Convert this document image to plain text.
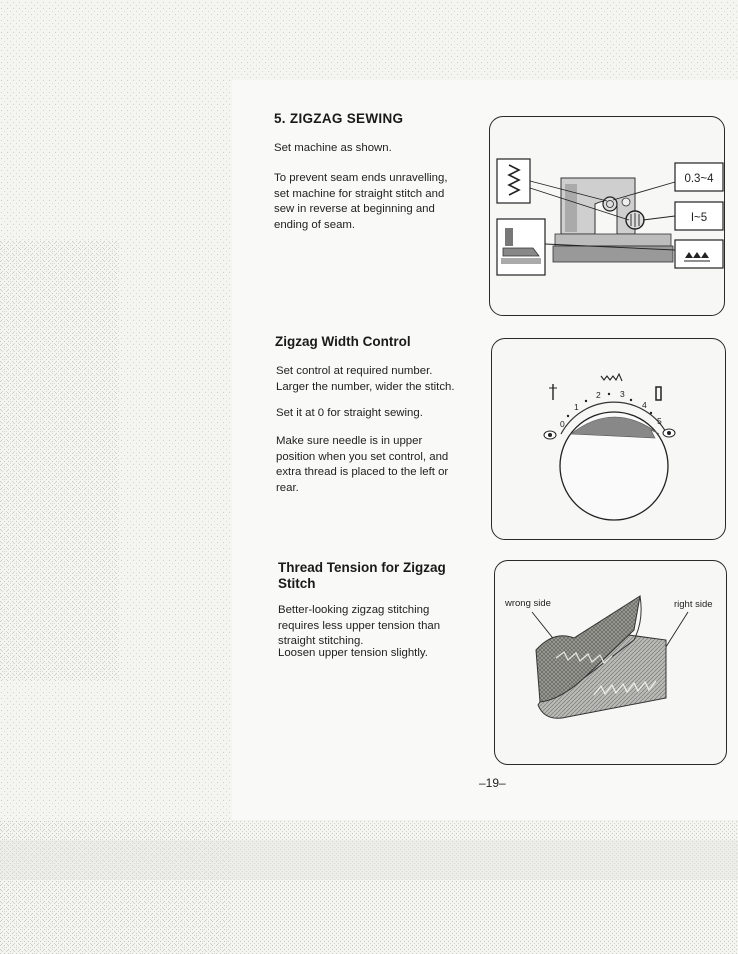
5. ZIGZAG SEWING

Set machine as shown.

To prevent seam ends unravelling, set machine for straight stitch and sew in reverse at beginning and ending of seam.

0.3~4
I~5
Zigzag Width Control

Set control at required number. Larger the number, wider the stitch.

Set it at 0 for straight sewing.

Make sure needle is in upper position when you set control, and extra thread is placed to the left or rear.

0
1
2 3
4
5
Thread Tension for Zigzag Stitch

Better-looking zigzag stitching requires less upper tension than straight stitching.

Loosen upper tension slightly.

wrong side	right side
–19–
